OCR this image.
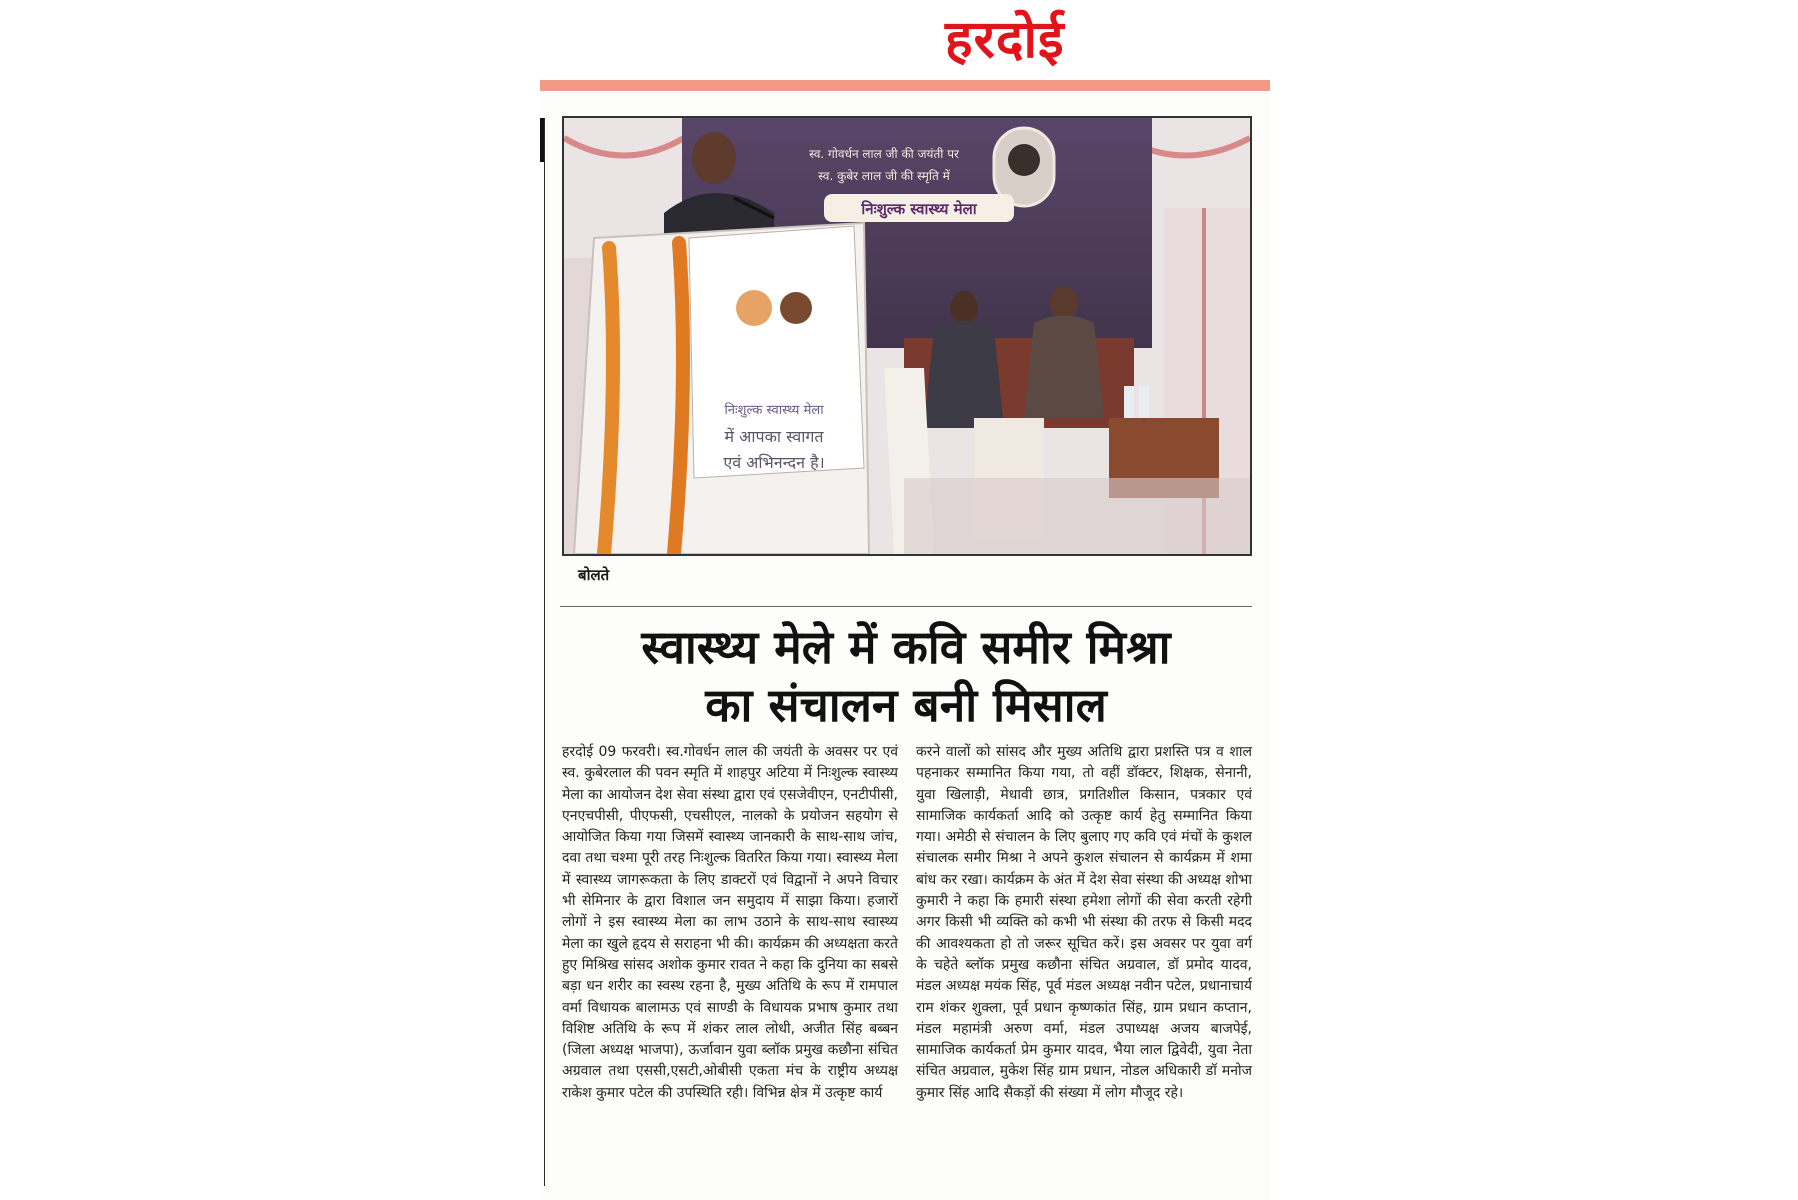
हरदोई
स्व. गोवर्धन लाल जी की जयंती पर
स्व. कुबेर लाल जी की स्मृति में
निःशुल्क स्वास्थ्य मेला
निःशुल्क स्वास्थ्य मेला
में आपका स्वागत
एवं अभिनन्दन है।
बोलते
स्वास्थ्य मेले में कवि समीर मिश्रा
का संचालन बनी मिसाल
हरदोई 09 फरवरी। स्व.गोवर्धन लाल की जयंती के अवसर पर एवं स्व. कुबेरलाल की पवन स्मृति में शाहपुर अटिया में निःशुल्क स्वास्थ्य मेला का आयोजन देश सेवा संस्था द्वारा एवं एसजेवीएन, एनटीपीसी, एनएचपीसी, पीएफसी, एचसीएल, नालको के प्रयोजन सहयोग से आयोजित किया गया जिसमें स्वास्थ्य जानकारी के साथ-साथ जांच, दवा तथा चश्मा पूरी तरह निःशुल्क वितरित किया गया। स्वास्थ्य मेला में स्वास्थ्य जागरूकता के लिए डाक्टरों एवं विद्वानों ने अपने विचार भी सेमिनार के द्वारा विशाल जन समुदाय में साझा किया। हजारों लोगों ने इस स्वास्थ्य मेला का लाभ उठाने के साथ-साथ स्वास्थ्य मेला का खुले हृदय से सराहना भी की। कार्यक्रम की अध्यक्षता करते हुए मिश्रिख सांसद अशोक कुमार रावत ने कहा कि दुनिया का सबसे बड़ा धन शरीर का स्वस्थ रहना है, मुख्य अतिथि के रूप में रामपाल वर्मा विधायक बालामऊ एवं साण्डी के विधायक प्रभाष कुमार तथा विशिष्ट अतिथि के रूप में शंकर लाल लोधी, अजीत सिंह बब्बन (जिला अध्यक्ष भाजपा), ऊर्जावान युवा ब्लॉक प्रमुख कछौना संचित अग्रवाल तथा एससी,एसटी,ओबीसी एकता मंच के राष्ट्रीय अध्यक्ष राकेश कुमार पटेल की उपस्थिति रही। विभिन्न क्षेत्र में उत्कृष्ट कार्य
करने वालों को सांसद और मुख्य अतिथि द्वारा प्रशस्ति पत्र व शाल पहनाकर सम्मानित किया गया, तो वहीं डॉक्टर, शिक्षक, सेनानी, युवा खिलाड़ी, मेधावी छात्र, प्रगतिशील किसान, पत्रकार एवं सामाजिक कार्यकर्ता आदि को उत्कृष्ट कार्य हेतु सम्मानित किया गया। अमेठी से संचालन के लिए बुलाए गए कवि एवं मंचों के कुशल संचालक समीर मिश्रा ने अपने कुशल संचालन से कार्यक्रम में शमा बांध कर रखा। कार्यक्रम के अंत में देश सेवा संस्था की अध्यक्ष शोभा कुमारी ने कहा कि हमारी संस्था हमेशा लोगों की सेवा करती रहेगी अगर किसी भी व्यक्ति को कभी भी संस्था की तरफ से किसी मदद की आवश्यकता हो तो जरूर सूचित करें। इस अवसर पर युवा वर्ग के चहेते ब्लॉक प्रमुख कछौना संचित अग्रवाल, डॉ प्रमोद यादव, मंडल अध्यक्ष मयंक सिंह, पूर्व मंडल अध्यक्ष नवीन पटेल, प्रधानाचार्य राम शंकर शुक्ला, पूर्व प्रधान कृष्णकांत सिंह, ग्राम प्रधान कप्तान, मंडल महामंत्री अरुण वर्मा, मंडल उपाध्यक्ष अजय बाजपेई, सामाजिक कार्यकर्ता प्रेम कुमार यादव, भैया लाल द्विवेदी, युवा नेता संचित अग्रवाल, मुकेश सिंह ग्राम प्रधान, नोडल अधिकारी डॉ मनोज कुमार सिंह आदि सैकड़ों की संख्या में लोग मौजूद रहे।
